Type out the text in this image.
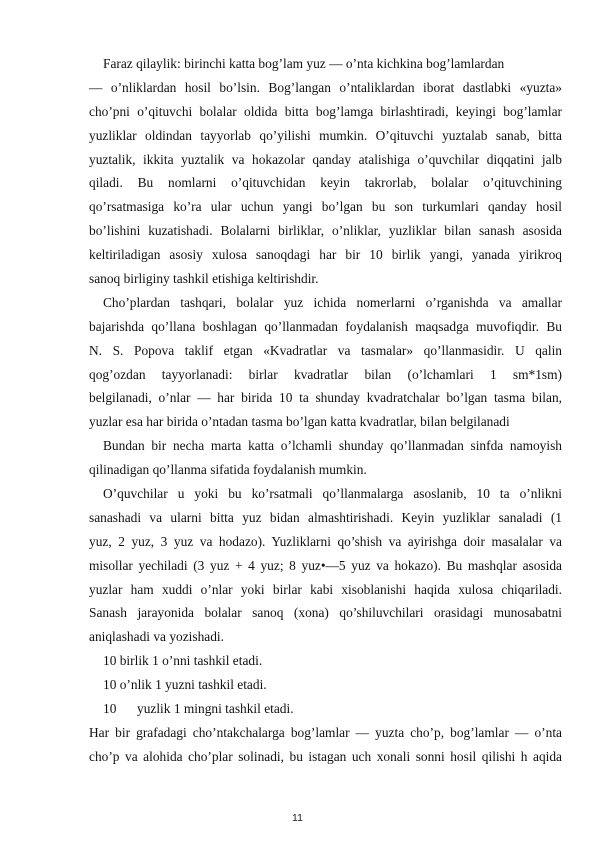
Faraz qilaylik: birinchi katta bog’lam yuz — o’nta kichkina bog’lamlardan
— o’nliklardan hosil bo’lsin. Bog’langan o’ntaliklardan iborat dastlabki «yuzta»
cho’pni o’qituvchi bolalar oldida bitta bog’lamga birlashtiradi, keyingi bog’lamlar
yuzliklar oldindan tayyorlab qo’yilishi mumkin. O’qituvchi yuztalab sanab, bitta
yuztalik, ikkita yuztalik va hokazolar qanday atalishiga o’quvchilar diqqatini jalb
qiladi. Bu nomlarni o’qituvchidan keyin takrorlab, bolalar o’qituvchining
qo’rsatmasiga ko’ra ular uchun yangi bo’lgan bu son turkumlari qanday hosil
bo’lishini kuzatishadi. Bolalarni birliklar, o’nliklar, yuzliklar bilan sanash asosida
keltiriladigan asosiy xulosa sanoqdagi har bir 10 birlik yangi, yanada yirikroq
sanoq birliginy tashkil etishiga keltirishdir.
Cho’plardan tashqari, bolalar yuz ichida nomerlarni o’rganishda va amallar
bajarishda qo’llana boshlagan qo’llanmadan foydalanish maqsadga muvofiqdir. Bu
N. S. Popova taklif etgan «Kvadratlar va tasmalar» qo’llanmasidir. U qalin
qog’ozdan tayyorlanadi: birlar kvadratlar bilan (o’lchamlari 1 sm*1sm)
belgilanadi, o’nlar — har birida 10 ta shunday kvadratchalar bo’lgan tasma bilan,
yuzlar esa har birida o’ntadan tasma bo’lgan katta kvadratlar, bilan belgilanadi
Bundan bir necha marta katta o’lchamli shunday qo’llanmadan sinfda namoyish
qilinadigan qo’llanma sifatida foydalanish mumkin.
O’quvchilar u yoki bu ko’rsatmali qo’llanmalarga asoslanib, 10 ta o’nlikni
sanashadi va ularni bitta yuz bidan almashtirishadi. Keyin yuzliklar sanaladi (1
yuz, 2 yuz, 3 yuz va hodazo). Yuzliklarni qo’shish va ayirishga doir masalalar va
misollar yechiladi (3 yuz + 4 yuz; 8 yuz•—5 yuz va hokazo). Bu mashqlar asosida
yuzlar ham xuddi o’nlar yoki birlar kabi xisoblanishi haqida xulosa chiqariladi.
Sanash jarayonida bolalar sanoq (xona) qo’shiluvchilari orasidagi munosabatni
aniqlashadi va yozishadi.
10 birlik 1 o’nni tashkil etadi.
10 o’nlik 1 yuzni tashkil etadi.
10	yuzlik 1 mingni tashkil etadi.
Har bir grafadagi cho’ntakchalarga bog’lamlar — yuzta cho’p, bog’lamlar — o’nta
cho’p va alohida cho’plar solinadi, bu istagan uch xonali sonni hosil qilishi h aqida
11
